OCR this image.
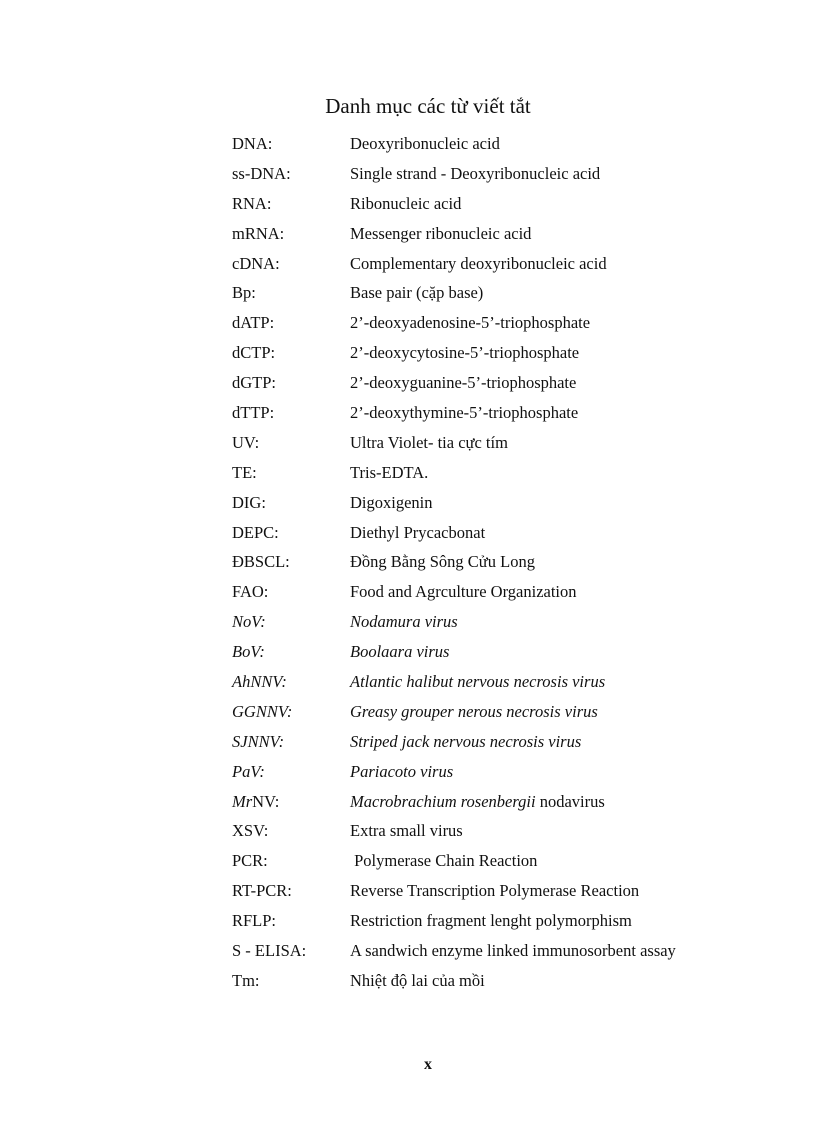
Danh mục các từ viết tắt
DNA:	Deoxyribonucleic acid
ss-DNA:	Single strand - Deoxyribonucleic acid
RNA:	Ribonucleic acid
mRNA:	Messenger ribonucleic acid
cDNA:	Complementary deoxyribonucleic acid
Bp:	Base pair (cặp base)
dATP:	2’-deoxyadenosine-5’-triophosphate
dCTP:	2’-deoxycytosine-5’-triophosphate
dGTP:	2’-deoxyguanine-5’-triophosphate
dTTP:	2’-deoxythymine-5’-triophosphate
UV:	Ultra Violet- tia cực tím
TE:	Tris-EDTA.
DIG:	Digoxigenin
DEPC:	Diethyl Prycacbonat
ĐBSCL:	Đồng Bằng Sông Cửu Long
FAO:	Food and Agrculture Organization
NoV:	Nodamura virus
BoV:	Boolaara virus
AhNNV:	Atlantic halibut nervous necrosis virus
GGNNV:	Greasy grouper nerous necrosis virus
SJNNV:	Striped jack nervous necrosis virus
PaV:	Pariacoto virus
MrNV:	Macrobrachium rosenbergii nodavirus
XSV:	Extra small virus
PCR:	Polymerase Chain Reaction
RT-PCR:	Reverse Transcription Polymerase Reaction
RFLP:	Restriction fragment lenght polymorphism
S - ELISA:	A sandwich enzyme linked immunosorbent assay
Tm:	Nhiệt độ lai của mồi
x
